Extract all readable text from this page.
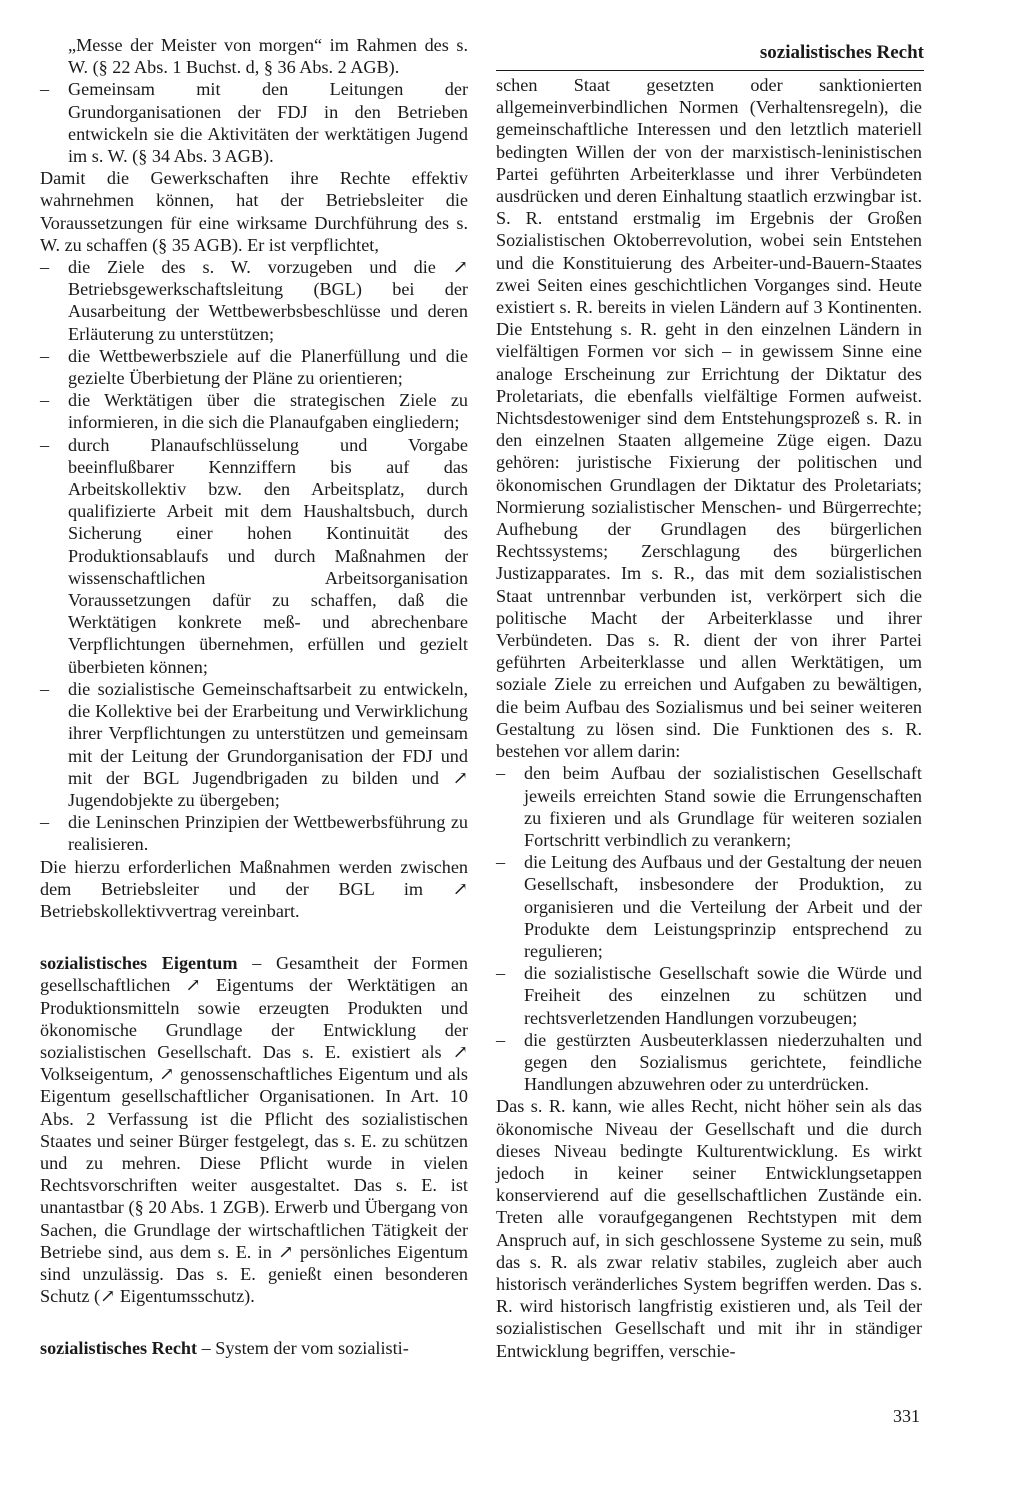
sozialistisches Recht

„Messe der Meister von morgen“ im Rahmen des s. W. (§ 22 Abs. 1 Buchst. d, § 36 Abs. 2 AGB).

– Gemeinsam mit den Leitungen der Grundorganisationen der FDJ in den Betrieben entwickeln sie die Aktivitäten der werktätigen Jugend im s. W. (§ 34 Abs. 3 AGB).

Damit die Gewerkschaften ihre Rechte effektiv wahrnehmen können, hat der Betriebsleiter die Voraussetzungen für eine wirksame Durchführung des s. W. zu schaffen (§ 35 AGB). Er ist verpflichtet,

– die Ziele des s. W. vorzugeben und die ↗ Betriebsgewerkschaftsleitung (BGL) bei der Ausarbeitung der Wettbewerbsbeschlüsse und deren Erläuterung zu unterstützen;
– die Wettbewerbsziele auf die Planerfüllung und die gezielte Überbietung der Pläne zu orientieren;
– die Werktätigen über die strategischen Ziele zu informieren, in die sich die Planaufgaben eingliedern;
– durch Planaufschlüsselung und Vorgabe beeinflußbarer Kennziffern bis auf das Arbeitskollektiv bzw. den Arbeitsplatz, durch qualifizierte Arbeit mit dem Haushaltsbuch, durch Sicherung einer hohen Kontinuität des Produktionsablaufs und durch Maßnahmen der wissenschaftlichen Arbeitsorganisation Voraussetzungen dafür zu schaffen, daß die Werktätigen konkrete meß- und abrechenbare Verpflichtungen übernehmen, erfüllen und gezielt überbieten können;
– die sozialistische Gemeinschaftsarbeit zu entwickeln, die Kollektive bei der Erarbeitung und Verwirklichung ihrer Verpflichtungen zu unterstützen und gemeinsam mit der Leitung der Grundorganisation der FDJ und mit der BGL Jugendbrigaden zu bilden und ↗ Jugendobjekte zu übergeben;
– die Leninschen Prinzipien der Wettbewerbsführung zu realisieren.

Die hierzu erforderlichen Maßnahmen werden zwischen dem Betriebsleiter und der BGL im ↗ Betriebskollektivvertrag vereinbart.

sozialistisches Eigentum – Gesamtheit der Formen gesellschaftlichen ↗ Eigentums der Werktätigen an Produktionsmitteln sowie erzeugten Produkten und ökonomische Grundlage der Entwicklung der sozialistischen Gesellschaft. Das s. E. existiert als ↗ Volkseigentum, ↗ genossenschaftliches Eigentum und als Eigentum gesellschaftlicher Organisationen. In Art. 10 Abs. 2 Verfassung ist die Pflicht des sozialistischen Staates und seiner Bürger festgelegt, das s. E. zu schützen und zu mehren. Diese Pflicht wurde in vielen Rechtsvorschriften weiter ausgestaltet. Das s. E. ist unantastbar (§ 20 Abs. 1 ZGB). Erwerb und Übergang von Sachen, die Grundlage der wirtschaftlichen Tätigkeit der Betriebe sind, aus dem s. E. in ↗ persönliches Eigentum sind unzulässig. Das s. E. genießt einen besonderen Schutz (↗ Eigentumsschutz).

sozialistisches Recht – System der vom sozialisti-

schen Staat gesetzten oder sanktionierten allgemeinverbindlichen Normen (Verhaltensregeln), die gemeinschaftliche Interessen und den letztlich materiell bedingten Willen der von der marxistisch-leninistischen Partei geführten Arbeiterklasse und ihrer Verbündeten ausdrücken und deren Einhaltung staatlich erzwingbar ist. S. R. entstand erstmalig im Ergebnis der Großen Sozialistischen Oktoberrevolution, wobei sein Entstehen und die Konstituierung des Arbeiter-und-Bauern-Staates zwei Seiten eines geschichtlichen Vorganges sind. Heute existiert s. R. bereits in vielen Ländern auf 3 Kontinenten. Die Entstehung s. R. geht in den einzelnen Ländern in vielfältigen Formen vor sich – in gewissem Sinne eine analoge Erscheinung zur Errichtung der Diktatur des Proletariats, die ebenfalls vielfältige Formen aufweist. Nichtsdestoweniger sind dem Entstehungsprozeß s. R. in den einzelnen Staaten allgemeine Züge eigen. Dazu gehören: juristische Fixierung der politischen und ökonomischen Grundlagen der Diktatur des Proletariats; Normierung sozialistischer Menschen- und Bürgerrechte; Aufhebung der Grundlagen des bürgerlichen Rechtssystems; Zerschlagung des bürgerlichen Justizapparates. Im s. R., das mit dem sozialistischen Staat untrennbar verbunden ist, verkörpert sich die politische Macht der Arbeiterklasse und ihrer Verbündeten. Das s. R. dient der von ihrer Partei geführten Arbeiterklasse und allen Werktätigen, um soziale Ziele zu erreichen und Aufgaben zu bewältigen, die beim Aufbau des Sozialismus und bei seiner weiteren Gestaltung zu lösen sind. Die Funktionen des s. R. bestehen vor allem darin:

– den beim Aufbau der sozialistischen Gesellschaft jeweils erreichten Stand sowie die Errungenschaften zu fixieren und als Grundlage für weiteren sozialen Fortschritt verbindlich zu verankern;
– die Leitung des Aufbaus und der Gestaltung der neuen Gesellschaft, insbesondere der Produktion, zu organisieren und die Verteilung der Arbeit und der Produkte dem Leistungsprinzip entsprechend zu regulieren;
– die sozialistische Gesellschaft sowie die Würde und Freiheit des einzelnen zu schützen und rechtsverletzenden Handlungen vorzubeugen;
– die gestürzten Ausbeuterklassen niederzuhalten und gegen den Sozialismus gerichtete, feindliche Handlungen abzuwehren oder zu unterdrücken.

Das s. R. kann, wie alles Recht, nicht höher sein als das ökonomische Niveau der Gesellschaft und die durch dieses Niveau bedingte Kulturentwicklung. Es wirkt jedoch in keiner seiner Entwicklungsetappen konservierend auf die gesellschaftlichen Zustände ein. Treten alle voraufgegangenen Rechtstypen mit dem Anspruch auf, in sich geschlossene Systeme zu sein, muß das s. R. als zwar relativ stabiles, zugleich aber auch historisch veränderliches System begriffen werden. Das s. R. wird historisch langfristig existieren und, als Teil der sozialistischen Gesellschaft und mit ihr in ständiger Entwicklung begriffen, verschie-

331
